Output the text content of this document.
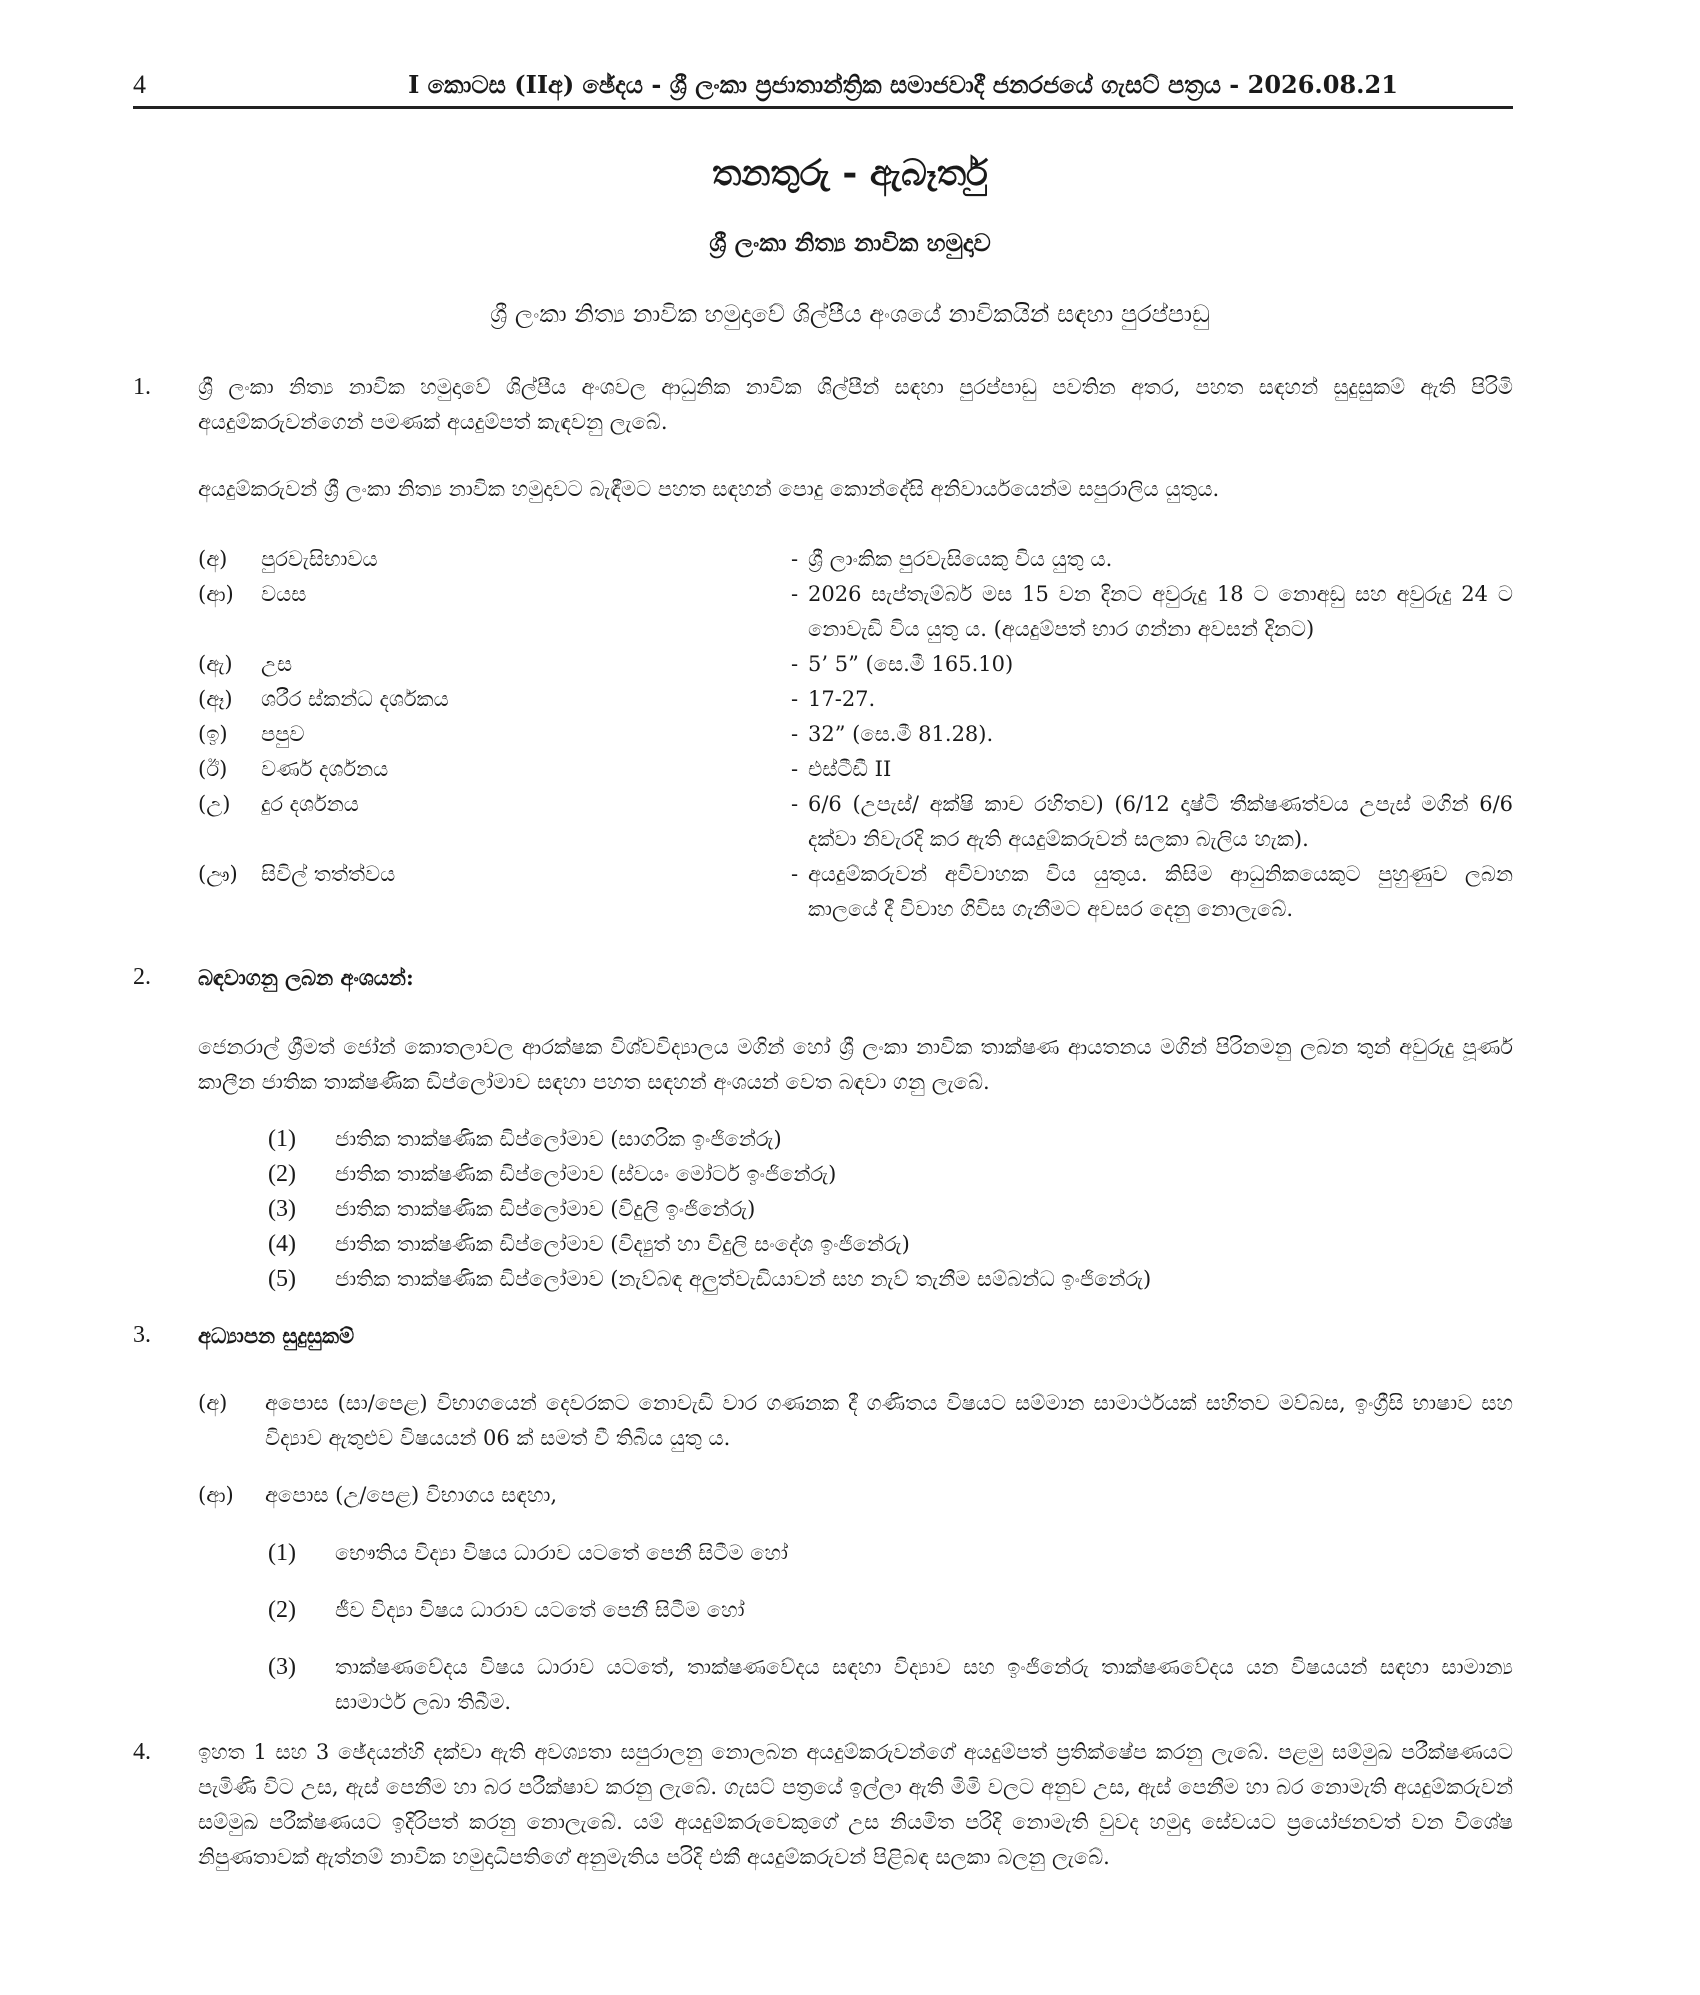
4	I කොටස (IIඅ) ඡේදය - ශ්‍රී ලංකා ප්‍රජාතාන්ත්‍රික සමාජවාදී ජනරජයේ ගැසට් පත්‍රය - 2026.08.21
තනතුරු - ඇබෑර්තු
ශ්‍රී ලංකා නිත්‍ය නාවික හමුදාව
ශ්‍රී ලංකා නිත්‍ය නාවික හමුදාවේ ශිල්පීය අංශයේ නාවිකයින් සඳහා පුරප්පාඩු
1. ශ්‍රී ලංකා නිත්‍ය නාවික හමුදාවේ ශිල්පීය අංශවල ආධුනික නාවික ශිල්පීන් සඳහා පුරප්පාඩු පවතින අතර, පහත සඳහන් සුදුසුකම් ඇති පිරිමි අයදුම්කරුවන්ගෙන් පමණක් අයදුම්පත් කැඳවනු ලැබේ.
අයදුම්කරුවන් ශ්‍රී ලංකා නිත්‍ය නාවික හමුදාවට බැඳීමට පහත සඳහන් පොදු කොන්දේසි අනිවාර්යයෙන්ම සපුරාලිය යුතුය.
(අ)	පුරවැසිභාවය	- ශ්‍රී ලාංකික පුරවැසියෙකු විය යුතු ය.
(ආ)	වයස	- 2026 සැප්තැම්බර් මස 15 වන දිනට අවුරුදු 18 ට නොඅඩු සහ අවුරුදු 24 ට නොවැඩි විය යුතු ය. (අයදුම්පත් භාර ගන්නා අවසන් දිනට)
(ඇ)	උස	- 5’ 5” (සෙ.මී 165.10)
(ඈ)	ශරීර ස්කන්ධ දර්ශකය	- 17-27.
(ඉ)	පපුව	- 32” (සෙ.මී 81.28).
(ඊ)	වර්ණ දර්ශනය	- එස්ටීඩී II
(උ)	දුර දර්ශනය	- 6/6 (උපැස්/ අක්ෂි කාච රහිතව) (6/12 දෘෂ්ටි තීක්ෂණත්වය උපැස් මගින් 6/6 දක්වා නිවැරදි කර ඇති අයදුම්කරුවන් සලකා බැලිය හැක).
(ඌ)	සිවිල් තත්ත්වය	- අයදුම්කරුවන් අවිවාහක විය යුතුය. කිසිම ආධුනිකයෙකුට පුහුණුව ලබන කාලයේ දී විවාහ ගිවිස ගැනීමට අවසර දෙනු නොලැබේ.
2. බඳවාගනු ලබන අංශයන්:
ජෙනරාල් ශ්‍රීමත් ජෝන් කොතලාවල ආරක්ෂක විශ්වවිද්‍යාලය මගින් හෝ ශ්‍රී ලංකා නාවික තාක්ෂණ ආයතනය මගින් පිරිනමනු ලබන තුන් අවුරුදු පූර්ණ කාලීන ජාතික තාක්ෂණික ඩිප්ලෝමාව සඳහා පහත සඳහන් අංශයන් වෙත බඳවා ගනු ලැබේ.
(1) ජාතික තාක්ෂණික ඩිප්ලෝමාව (සාගරික ඉංජිනේරු)
(2) ජාතික තාක්ෂණික ඩිප්ලෝමාව (ස්වයං මෝටර් ඉංජිනේරු)
(3) ජාතික තාක්ෂණික ඩිප්ලෝමාව (විදුලි ඉංජිනේරු)
(4) ජාතික තාක්ෂණික ඩිප්ලෝමාව (විද්‍යුත් හා විදුලි සංදේශ ඉංජිනේරු)
(5) ජාතික තාක්ෂණික ඩිප්ලෝමාව (නැව්බඳ අලුත්වැඩියාවන් සහ නැව් තැනීම සම්බන්ධ ඉංජිනේරු)
3. අධ්‍යාපන සුදුසුකම්
(අ) අපොස (සා/පෙළ) විභාගයෙන් දෙවරකට නොවැඩි වාර ගණනක දී ගණිතය විෂයට සම්මාන සාමාර්ථයක් සහිතව මව්බස, ඉංග්‍රීසි භාෂාව සහ විද්‍යාව ඇතුළුව විෂයයන් 06 ක් සමත් වී තිබිය යුතු ය.
(ආ) අපොස (උ/පෙළ) විභාගය සඳහා,
(1) භෞතිය විද්‍යා විෂය ධාරාව යටතේ පෙනී සිටීම හෝ
(2) ජීව විද්‍යා විෂය ධාරාව යටතේ පෙනී සිටීම හෝ
(3) තාක්ෂණවේදය විෂය ධාරාව යටතේ, තාක්ෂණවේදය සඳහා විද්‍යාව සහ ඉංජිනේරු තාක්ෂණවේදය යන විෂයයන් සඳහා සාමාන්‍ය සාමාර්ථ ලබා තිබීම.
4. ඉහත 1 සහ 3 ඡේදයන්හි දක්වා ඇති අවශ්‍යතා සපුරාලනු නොලබන අයදුම්කරුවන්ගේ අයදුම්පත් ප්‍රතික්ෂේප කරනු ලැබේ. පළමු සම්මුඛ පරීක්ෂණයට පැමිණි විට උස, ඇස් පෙනීම හා බර පරීක්ෂාව කරනු ලැබේ. ගැසට් පත්‍රයේ ඉල්ලා ඇති මිමි වලට අනුව උස, ඇස් පෙනීම හා බර නොමැති අයදුම්කරුවන් සම්මුඛ පරීක්ෂණයට ඉදිරිපත් කරනු නොලැබේ. යම් අයදුම්කරුවෙකුගේ උස නියමිත පරිදි නොමැති වුවද හමුදා සේවයට ප්‍රයෝජනවත් වන විශේෂ නිපුණතාවක් ඇත්නම් නාවික හමුදාධිපතිගේ අනුමැතිය පරිදි එකී අයදුම්කරුවන් පිළිබඳ සලකා බලනු ලැබේ.
